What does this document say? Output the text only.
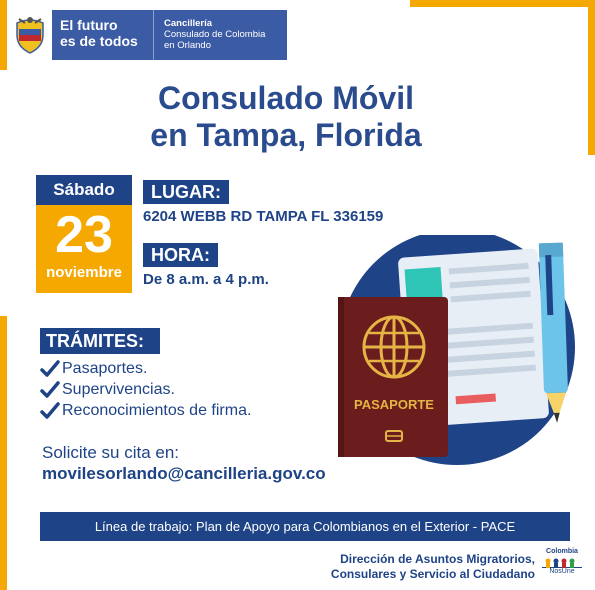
El futuro
es de todos
Cancillería
Consulado de Colombia
en Orlando
Consulado Móvil
en Tampa, Florida
Sábado
23
noviembre
LUGAR:
6204 WEBB RD TAMPA FL 336159
HORA:
De 8 a.m. a 4 p.m.
TRÁMITES:
Pasaportes.
Supervivencias.
Reconocimientos de firma.
Solicite su cita en:
movilesorlando@cancilleria.gov.co
PASAPORTE
Línea de trabajo: Plan de Apoyo para Colombianos en el Exterior - PACE
Dirección de Asuntos Migratorios,
Consulares y Servicio al Ciudadano
Colombia
NosUne
